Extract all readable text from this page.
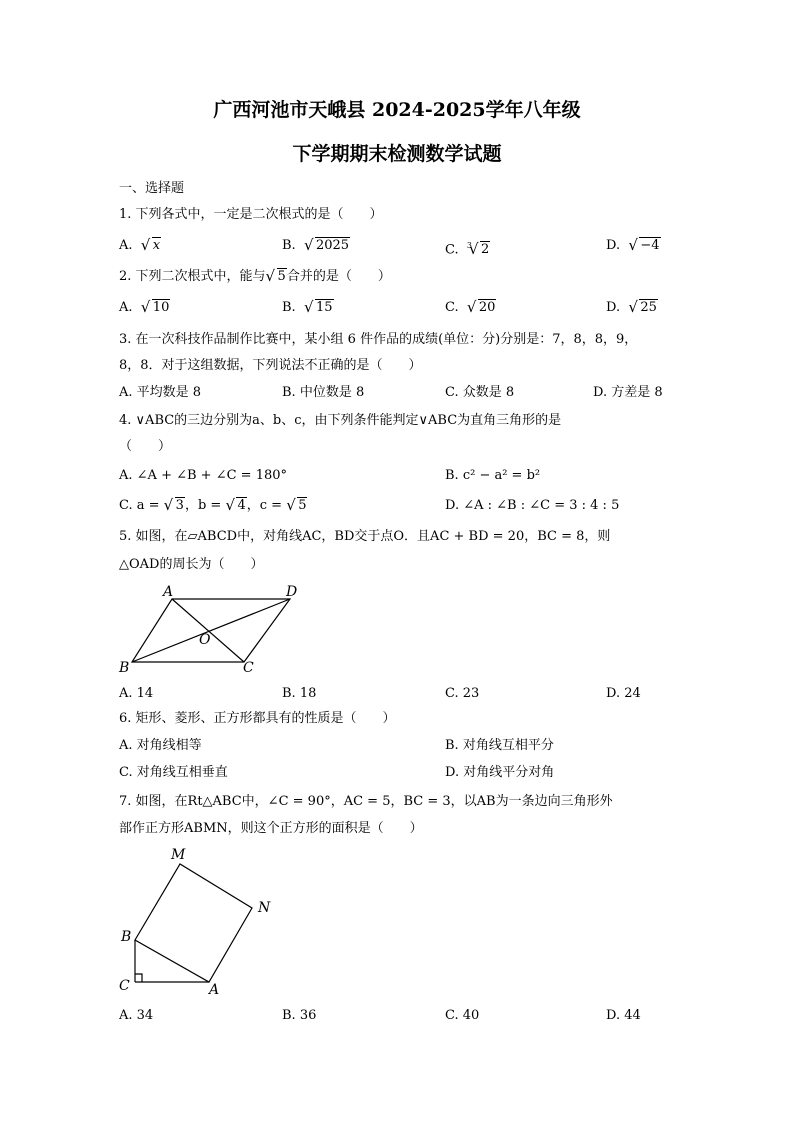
广西河池市天峨县 2024-2025学年八年级
下学期期末检测数学试题
一、选择题
1. 下列各式中，一定是二次根式的是（　　）
A. √ x	B. √ 2025	C. $^3$ √ 2	D. √ −4
2. 下列二次根式中，能与 √ 5合并的是（　　）
A. √ 10	B. √ 15	C. √ 20	D. √ 25
3. 在一次科技作品制作比赛中，某小组 6 件作品的成绩(单位：分)分别是：7，8，8，9，
8，8．对于这组数据，下列说法不正确的是（　　）
A. 平均数是 8	B. 中位数是 8	C. 众数是 8	D. 方差是 8
4. ∨ABC的三边分别为a、b、c，由下列条件能判定∨ABC为直角三角形的是
（　　）
A. ∠A + ∠B + ∠C = 180°	B. c² − a² = b²
C. a = √ 3，b = √ 4，c = √ 5	D. ∠A : ∠B : ∠C = 3 : 4 : 5
5. 如图，在▱ABCD中，对角线AC，BD交于点O．且AC + BD = 20，BC = 8，则
△OAD的周长为（　　）
A	D
O
B	C
A. 14	B. 18	C. 23	D. 24
6. 矩形、菱形、正方形都具有的性质是（　　）
A. 对角线相等	B. 对角线互相平分
C. 对角线互相垂直	D. 对角线平分对角
7. 如图，在Rt△ABC中，∠C = 90°，AC = 5，BC = 3，以AB为一条边向三角形外
部作正方形ABMN，则这个正方形的面积是（　　）
M
N
B
C	A
A. 34	B. 36	C. 40	D. 44
